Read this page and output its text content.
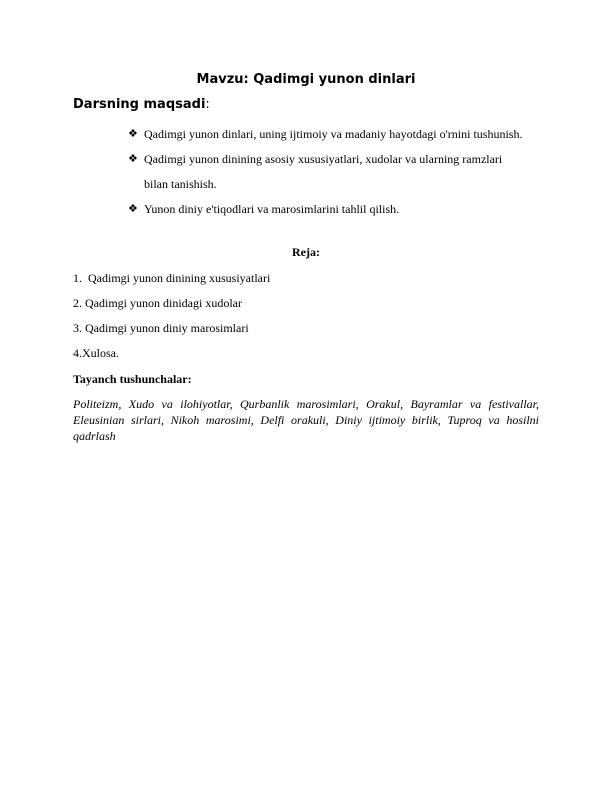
Mavzu: Qadimgi yunon dinlari

Darsning maqsadi:

❖ Qadimgi yunon dinlari, uning ijtimoiy va madaniy hayotdagi o'rnini tushunish.
❖ Qadimgi yunon dinining asosiy xususiyatlari, xudolar va ularning ramzlari bilan tanishish.
❖ Yunon diniy e'tiqodlari va marosimlarini tahlil qilish.

Reja:

1.  Qadimgi yunon dinining xususiyatlari
2. Qadimgi yunon dinidagi xudolar
3. Qadimgi yunon diniy marosimlari
4.Xulosa.

Tayanch tushunchalar:

Politeizm, Xudo va ilohiyotlar, Qurbanlik marosimlari, Orakul, Bayramlar va festivallar, Eleusinian sirlari, Nikoh marosimi, Delfi orakuli, Diniy ijtimoiy birlik, Tuproq va hosilni qadrlash
